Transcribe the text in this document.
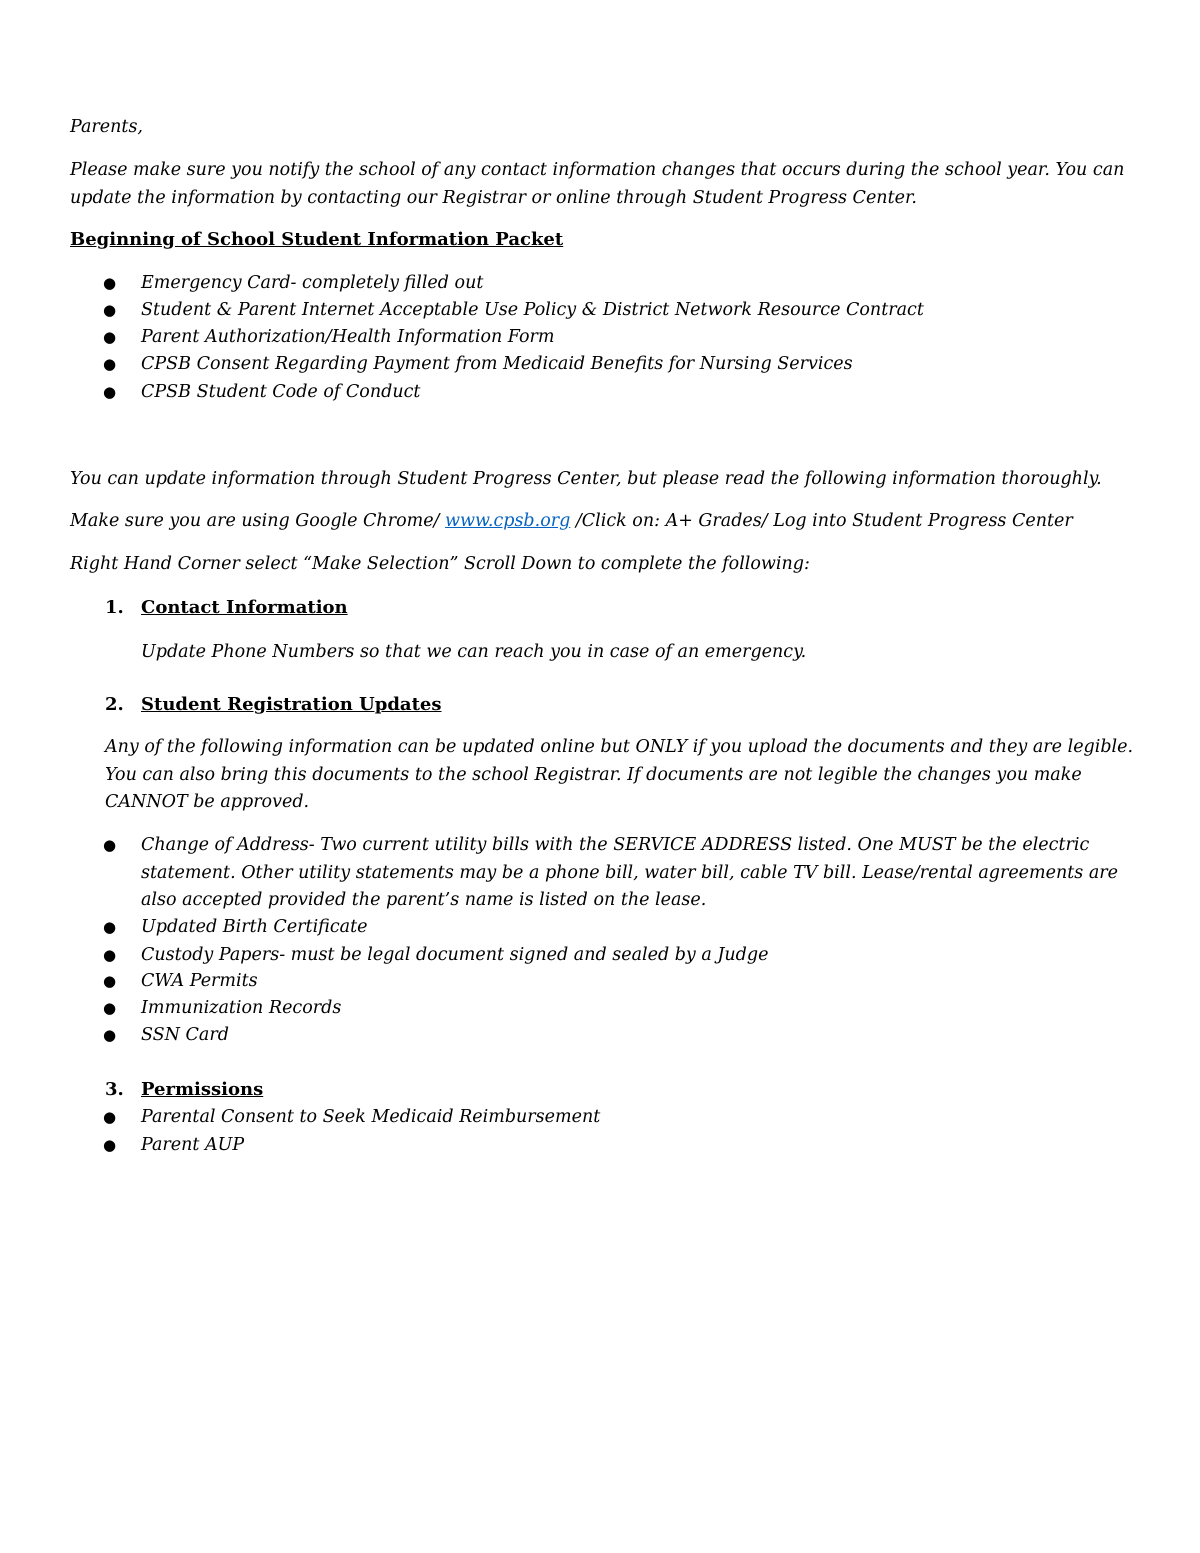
Parents,
Please make sure you notify the school of any contact information changes that occurs during the school year. You can
update the information by contacting our Registrar or online through Student Progress Center.
Beginning of School Student Information Packet
● Emergency Card- completely filled out
● Student & Parent Internet Acceptable Use Policy & District Network Resource Contract
● Parent Authorization/Health Information Form
● CPSB Consent Regarding Payment from Medicaid Benefits for Nursing Services
● CPSB Student Code of Conduct
You can update information through Student Progress Center, but please read the following information thoroughly.
Make sure you are using Google Chrome/ www.cpsb.org /Click on: A+ Grades/ Log into Student Progress Center
Right Hand Corner select “Make Selection” Scroll Down to complete the following:
1. Contact Information
Update Phone Numbers so that we can reach you in case of an emergency.
2. Student Registration Updates
Any of the following information can be updated online but ONLY if you upload the documents and they are legible.
You can also bring this documents to the school Registrar. If documents are not legible the changes you make
CANNOT be approved.
● Change of Address- Two current utility bills with the SERVICE ADDRESS listed. One MUST be the electric
statement. Other utility statements may be a phone bill, water bill, cable TV bill. Lease/rental agreements are
also accepted provided the parent’s name is listed on the lease.
● Updated Birth Certificate
● Custody Papers- must be legal document signed and sealed by a Judge
● CWA Permits
● Immunization Records
● SSN Card
3. Permissions
● Parental Consent to Seek Medicaid Reimbursement
● Parent AUP
